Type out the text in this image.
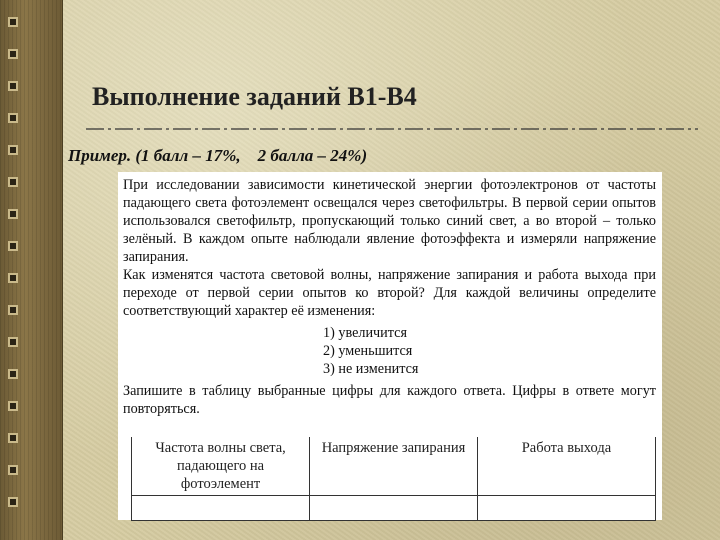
Выполнение заданий В1-В4
Пример. (1 балл – 17%,    2 балла – 24%)

При исследовании зависимости кинетической энергии фотоэлектронов от частоты падающего света фотоэлемент освещался через светофильтры. В первой серии опытов использовался светофильтр, пропускающий только синий свет, а во второй – только зелёный. В каждом опыте наблюдали явление фотоэффекта и измеряли напряжение запирания.

Как изменятся частота световой волны, напряжение запирания и работа выхода при переходе от первой серии опытов ко второй? Для каждой величины определите соответствующий характер её изменения:

1) увеличится
2) уменьшится
3) не изменится

Запишите в таблицу выбранные цифры для каждого ответа. Цифры в ответе могут повторяться.

Частота волны света, падающего на фотоэлемент	Напряжение запирания	Работа выхода
